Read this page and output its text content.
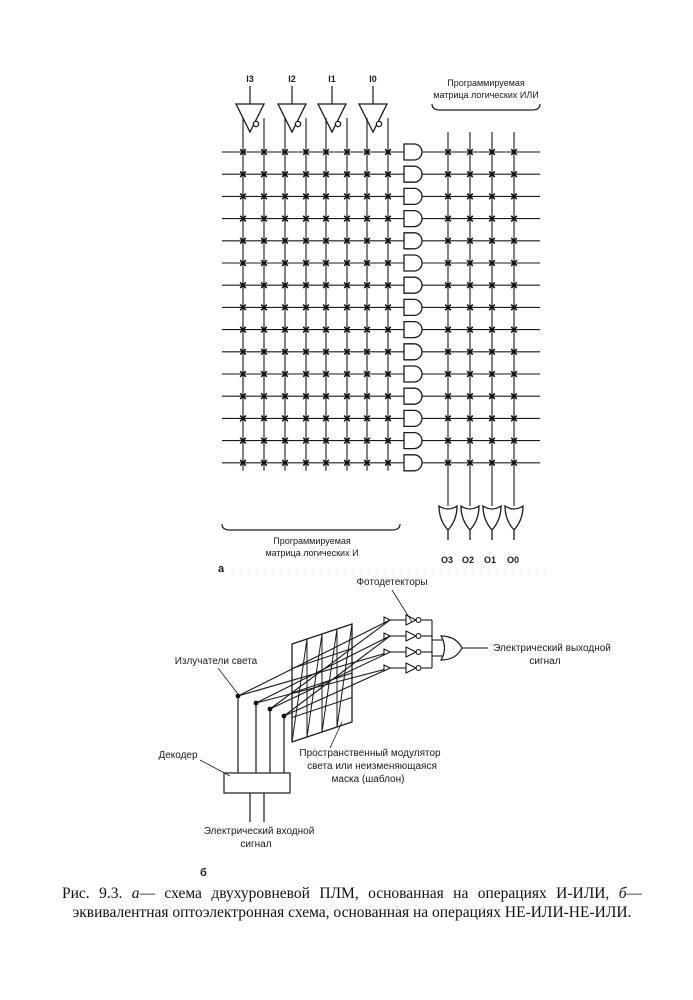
I3	I2	I1	I0	Программируемая
матрица логических ИЛИ
Программируемая
матрица логических И
O3 O2 O1 O0
а
Фотодетекторы
Излучатели света
Электрический выходной
сигнал
Декодер	Пространственный модулятор
света или неизменяющаяся
маска (шаблон)
Электрический входной
сигнал
б
Рис. 9.3. а— схема двухуровневой ПЛМ, основанная на операциях И-ИЛИ, б— эквивалентная оптоэлектронная схема, основанная на операциях НЕ-ИЛИ-НЕ-ИЛИ.
